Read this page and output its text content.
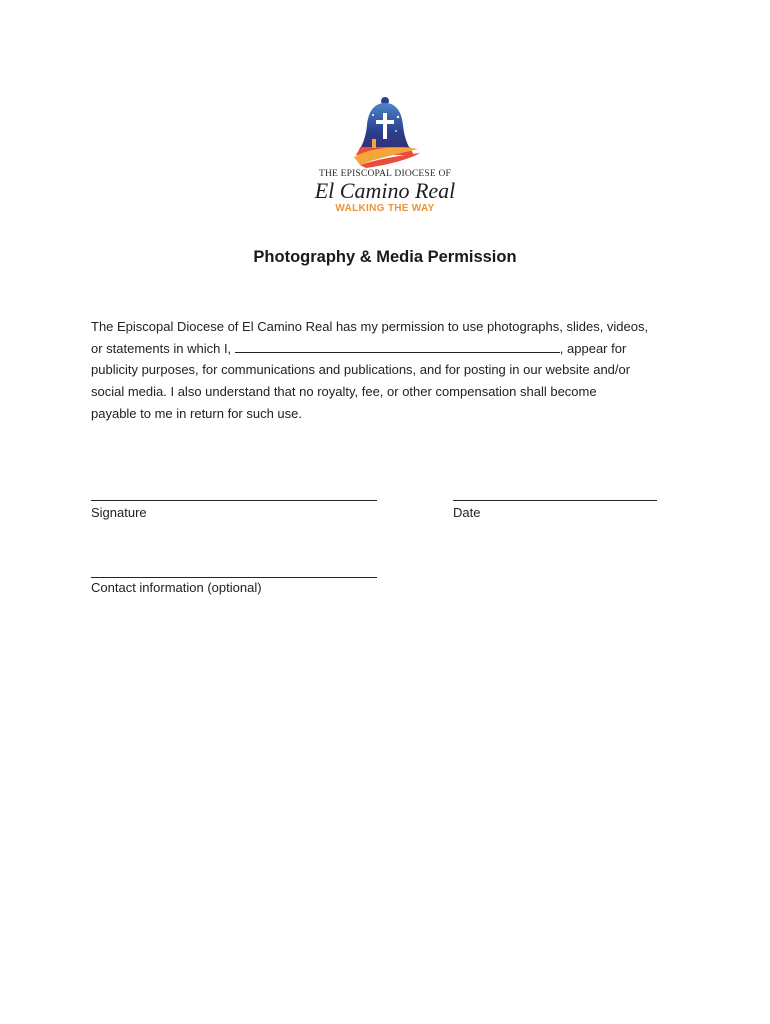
THE EPISCOPAL DIOCESE OF
El Camino Real
WALKING THE WAY
Photography & Media Permission
The Episcopal Diocese of El Camino Real has my permission to use photographs, slides, videos,
or statements in which I,	, appear for
publicity purposes, for communications and publications, and for posting in our website and/or
social media. I also understand that no royalty, fee, or other compensation shall become
payable to me in return for such use.
Signature	Date
Contact information (optional)
